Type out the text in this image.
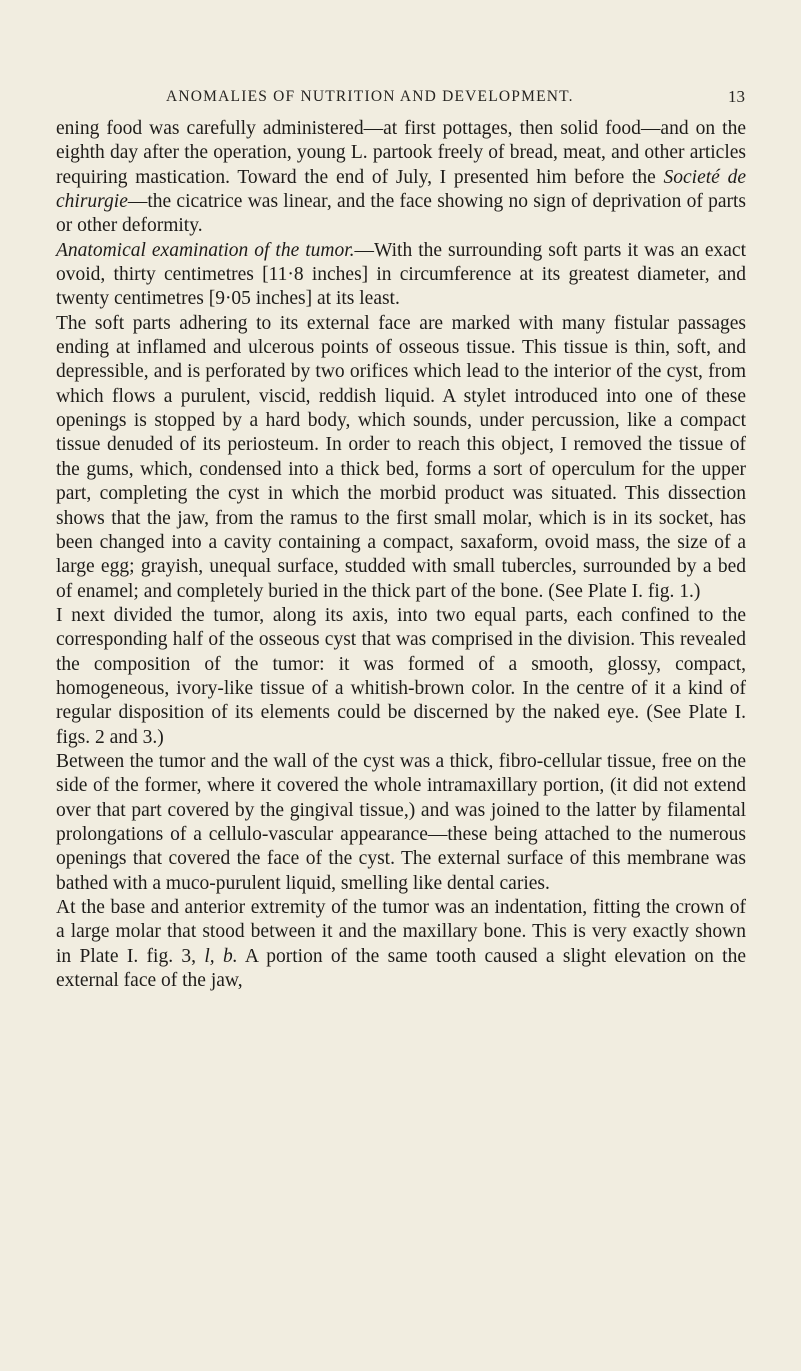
ANOMALIES OF NUTRITION AND DEVELOPMENT.	13

ening food was carefully administered—at first pottages, then solid food—and on the eighth day after the operation, young L. partook freely of bread, meat, and other articles requiring mastication. Toward the end of July, I presented him before the Societé de chirurgie—the cicatrice was linear, and the face showing no sign of deprivation of parts or other deformity.

Anatomical examination of the tumor.—With the surrounding soft parts it was an exact ovoid, thirty centimetres [11·8 inches] in circumference at its greatest diameter, and twenty centimetres [9·05 inches] at its least.

The soft parts adhering to its external face are marked with many fistular passages ending at inflamed and ulcerous points of osseous tissue. This tissue is thin, soft, and depressible, and is perforated by two orifices which lead to the interior of the cyst, from which flows a purulent, viscid, reddish liquid. A stylet introduced into one of these openings is stopped by a hard body, which sounds, under percussion, like a compact tissue denuded of its periosteum. In order to reach this object, I removed the tissue of the gums, which, condensed into a thick bed, forms a sort of operculum for the upper part, completing the cyst in which the morbid product was situated. This dissection shows that the jaw, from the ramus to the first small molar, which is in its socket, has been changed into a cavity containing a compact, saxaform, ovoid mass, the size of a large egg; grayish, unequal surface, studded with small tubercles, surrounded by a bed of enamel; and completely buried in the thick part of the bone. (See Plate I. fig. 1.)

I next divided the tumor, along its axis, into two equal parts, each confined to the corresponding half of the osseous cyst that was comprised in the division. This revealed the composition of the tumor: it was formed of a smooth, glossy, compact, homogeneous, ivory-like tissue of a whitish-brown color. In the centre of it a kind of regular disposition of its elements could be discerned by the naked eye. (See Plate I. figs. 2 and 3.)

Between the tumor and the wall of the cyst was a thick, fibro-cellular tissue, free on the side of the former, where it covered the whole intramaxillary portion, (it did not extend over that part covered by the gingival tissue,) and was joined to the latter by filamental prolongations of a cellulo-vascular appearance—these being attached to the numerous openings that covered the face of the cyst. The external surface of this membrane was bathed with a muco-purulent liquid, smelling like dental caries.

At the base and anterior extremity of the tumor was an indentation, fitting the crown of a large molar that stood between it and the maxillary bone. This is very exactly shown in Plate I. fig. 3, l, b. A portion of the same tooth caused a slight elevation on the external face of the jaw,
